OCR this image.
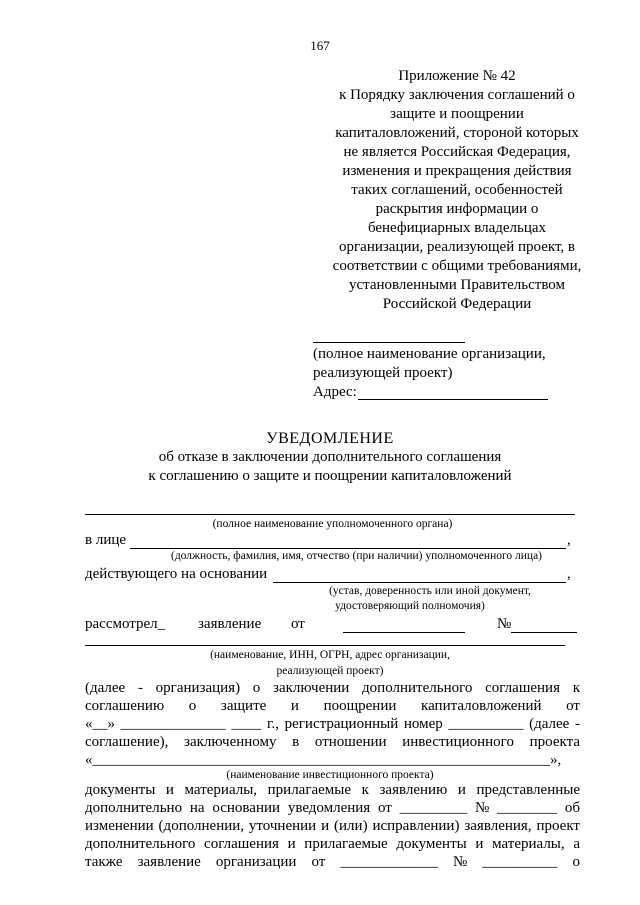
167
Приложение № 42
к Порядку заключения соглашений о
защите и поощрении
капиталовложений, стороной которых
не является Российская Федерация,
изменения и прекращения действия
таких соглашений, особенностей
раскрытия информации о
бенефициарных владельцах
организации, реализующей проект, в
соответствии с общими требованиями,
установленными Правительством
Российской Федерации
(полное наименование организации,
реализующей проект)
Адрес:
УВЕДОМЛЕНИЕ
об отказе в заключении дополнительного соглашения
к соглашению о защите и поощрении капиталовложений
(полное наименование уполномоченного органа)
в лице	,
(должность, фамилия, имя, отчество (при наличии) уполномоченного лица)
действующего на основании	,
(устав, доверенность или иной документ,
удостоверяющий полномочия)
рассмотрел_ заявление от	№
(наименование, ИНН, ОГРН, адрес организации,
реализующей проект)
(далее - организация) о заключении дополнительного соглашения к
соглашению о защите и поощрении капиталовложений от
«__» ______________ ____ г., регистрационный номер __________ (далее -
соглашение), заключенному в отношении инвестиционного проекта
«_____________________________________________________________»,
(наименование инвестиционного проекта)
документы и материалы, прилагаемые к заявлению и представленные
дополнительно на основании уведомления от _________ № ________ об
изменении (дополнении, уточнении и (или) исправлении) заявления, проект
дополнительного соглашения и прилагаемые документы и материалы, а
также заявление организации от _____________ № __________ о
